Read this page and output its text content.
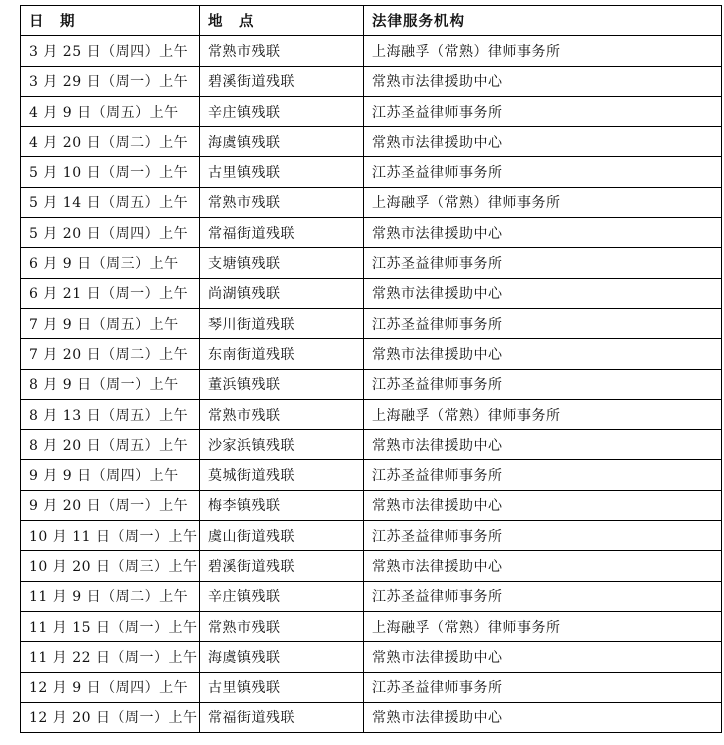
日　期	地　点	法律服务机构
3 月 25 日（周四）上午	常熟市残联	上海融孚（常熟）律师事务所
3 月 29 日（周一）上午	碧溪街道残联	常熟市法律援助中心
4 月 9 日（周五）上午	辛庄镇残联	江苏圣益律师事务所
4 月 20 日（周二）上午	海虞镇残联	常熟市法律援助中心
5 月 10 日（周一）上午	古里镇残联	江苏圣益律师事务所
5 月 14 日（周五）上午	常熟市残联	上海融孚（常熟）律师事务所
5 月 20 日（周四）上午	常福街道残联	常熟市法律援助中心
6 月 9 日（周三）上午	支塘镇残联	江苏圣益律师事务所
6 月 21 日（周一）上午	尚湖镇残联	常熟市法律援助中心
7 月 9 日（周五）上午	琴川街道残联	江苏圣益律师事务所
7 月 20 日（周二）上午	东南街道残联	常熟市法律援助中心
8 月 9 日（周一）上午	董浜镇残联	江苏圣益律师事务所
8 月 13 日（周五）上午	常熟市残联	上海融孚（常熟）律师事务所
8 月 20 日（周五）上午	沙家浜镇残联	常熟市法律援助中心
9 月 9 日（周四）上午	莫城街道残联	江苏圣益律师事务所
9 月 20 日（周一）上午	梅李镇残联	常熟市法律援助中心
10 月 11 日（周一）上午	虞山街道残联	江苏圣益律师事务所
10 月 20 日（周三）上午	碧溪街道残联	常熟市法律援助中心
11 月 9 日（周二）上午	辛庄镇残联	江苏圣益律师事务所
11 月 15 日（周一）上午	常熟市残联	上海融孚（常熟）律师事务所
11 月 22 日（周一）上午	海虞镇残联	常熟市法律援助中心
12 月 9 日（周四）上午	古里镇残联	江苏圣益律师事务所
12 月 20 日（周一）上午	常福街道残联	常熟市法律援助中心
